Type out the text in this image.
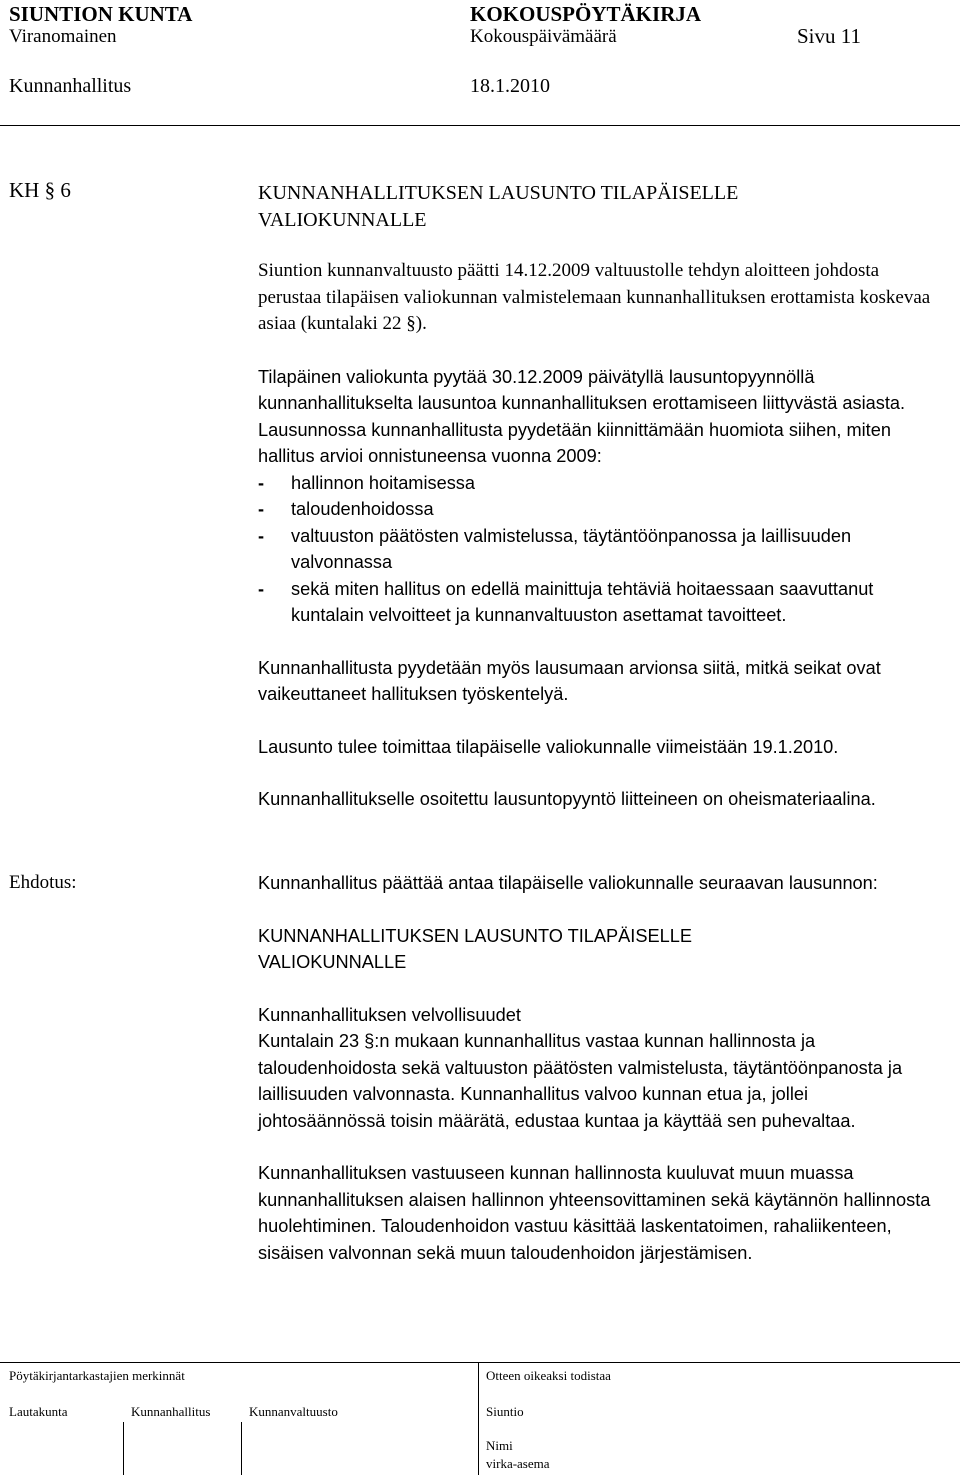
SIUNTION KUNTA	KOKOUSPÖYTÄKIRJA
Viranomainen	Kokouspäivämäärä	Sivu 11
Kunnanhallitus	18.1.2010
KH § 6	KUNNANHALLITUKSEN LAUSUNTO TILAPÄISELLE
VALIOKUNNALLE

Siuntion kunnanvaltuusto päätti 14.12.2009 valtuustolle tehdyn aloitteen johdosta perustaa tilapäisen valiokunnan valmistelemaan kunnanhallituksen erottamista koskevaa asiaa (kuntalaki 22 §).

Tilapäinen valiokunta pyytää 30.12.2009 päivätyllä lausuntopyynnöllä kunnanhallitukselta lausuntoa kunnanhallituksen erottamiseen liittyvästä asiasta. Lausunnossa kunnanhallitusta pyydetään kiinnittämään huomiota siihen, miten hallitus arvioi onnistuneensa vuonna 2009:

- hallinnon hoitamisessa
- taloudenhoidossa
- valtuuston päätösten valmistelussa, täytäntöönpanossa ja laillisuuden valvonnassa
- sekä miten hallitus on edellä mainittuja tehtäviä hoitaessaan saavuttanut kuntalain velvoitteet ja kunnanvaltuuston asettamat tavoitteet.

Kunnanhallitusta pyydetään myös lausumaan arvionsa siitä, mitkä seikat ovat vaikeuttaneet hallituksen työskentelyä.

Lausunto tulee toimittaa tilapäiselle valiokunnalle viimeistään 19.1.2010.

Kunnanhallitukselle osoitettu lausuntopyyntö liitteineen on oheismateriaalina.

Ehdotus:	Kunnanhallitus päättää antaa tilapäiselle valiokunnalle seuraavan lausunnon:

KUNNANHALLITUKSEN LAUSUNTO TILAPÄISELLE
VALIOKUNNALLE
Kunnanhallituksen velvollisuudet

Kuntalain 23 §:n mukaan kunnanhallitus vastaa kunnan hallinnosta ja taloudenhoidosta sekä valtuuston päätösten valmistelusta, täytäntöönpanosta ja laillisuuden valvonnasta. Kunnanhallitus valvoo kunnan etua ja, jollei johtosäännössä toisin määrätä, edustaa kuntaa ja käyttää sen puhevaltaa.

Kunnanhallituksen vastuuseen kunnan hallinnosta kuuluvat muun muassa kunnanhallituksen alaisen hallinnon yhteensovittaminen sekä käytännön hallinnosta huolehtiminen. Taloudenhoidon vastuu käsittää laskentatoimen, rahaliikenteen, sisäisen valvonnan sekä muun taloudenhoidon järjestämisen.

Pöytäkirjantarkastajien merkinnät	Otteen oikeaksi todistaa
Lautakunta	Kunnanhallitus	Kunnanvaltuusto	Siuntio
Nimi
virka-asema
